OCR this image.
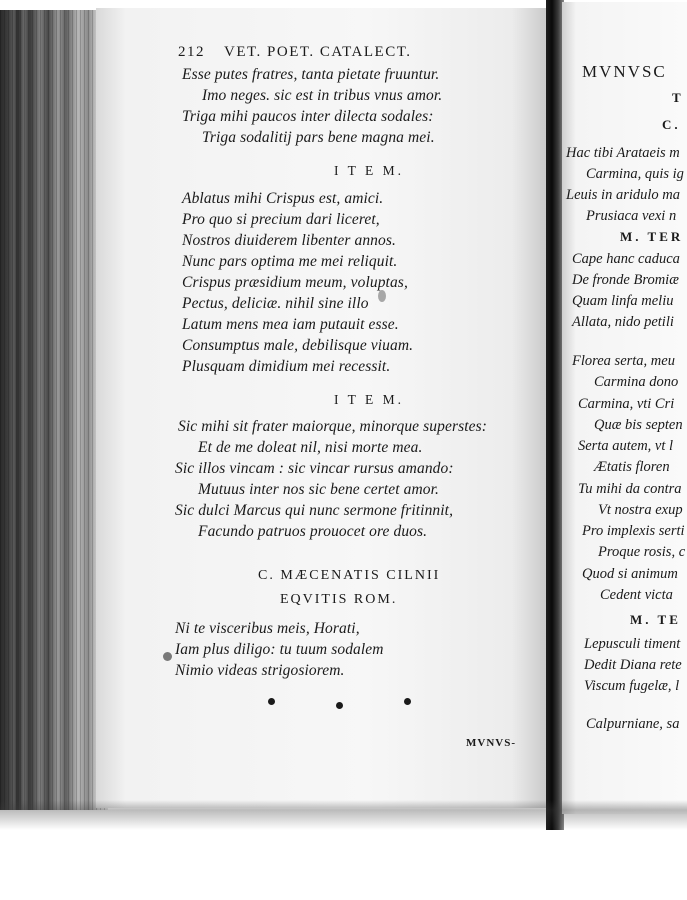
212 VET. POET. CATALECT.
Esse putes fratres, tanta pietate fruuntur.
Imo neges. sic est in tribus vnus amor.
Triga mihi paucos inter dilecta sodales:
Triga sodalitij pars bene magna mei.
I T E M.
Ablatus mihi Crispus est, amici.
Pro quo si precium dari liceret,
Nostros diuiderem libenter annos.
Nunc pars optima me mei reliquit.
Crispus præsidium meum, voluptas,
Pectus, deliciæ. nihil sine illo
Latum mens mea iam putauit esse.
Consumptus male, debilisque viuam.
Plusquam dimidium mei recessit.
I T E M.
Sic mihi sit frater maiorque, minorque superstes:
Et de me doleat nil, nisi morte mea.
Sic illos vincam : sic vincar rursus amando:
Mutuus inter nos sic bene certet amor.
Sic dulci Marcus qui nunc sermone fritinnit,
Facundo patruos prouocet ore duos.
C. MÆCENATIS CILNII
EQVITIS ROM.
Ni te visceribus meis, Horati,
Iam plus diligo: tu tuum sodalem
Nimio videas strigosiorem.
MVNVS-
MVNVSC
T
C.
Hac tibi Arataeis m
Carmina, quis ig
Leuis in aridulo ma
Prusiaca vexi n
M. TER
Cape hanc caduca
De fronde Bromiæ
Quam linfa meliu
Allata, nido petili
Florea serta, meu
Carmina dono
Carmina, vti Cri
Quæ bis septen
Serta autem, vt l
Ætatis floren
Tu mihi da contra
Vt nostra exup
Pro implexis serti
Proque rosis, c
Quod si animum
Cedent victa
M. TE
Lepusculi timent
Dedit Diana rete
Viscum fugelæ, l
Calpurniane, sa
